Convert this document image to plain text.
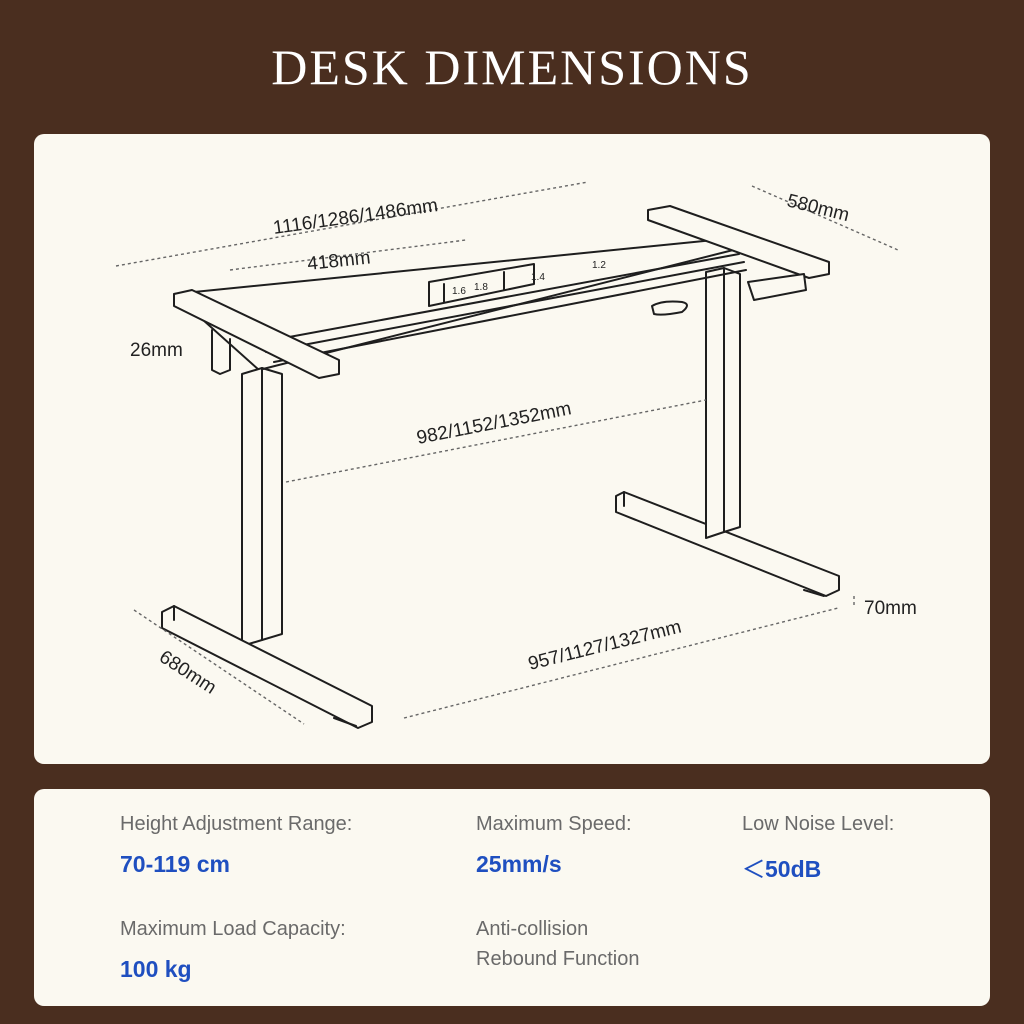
DESK DIMENSIONS
1.6 1.8
1.4
1.2
1116/1286/1486mm	580mm
418mm
26mm
982/1152/1352mm
70mm
957/1127/1327mm
680mm
Height Adjustment Range:
70-119 cm
Maximum Speed:
25mm/s
Low Noise Level:
＜50dB
Maximum Load Capacity:
100 kg
Anti-collision
Rebound Function
